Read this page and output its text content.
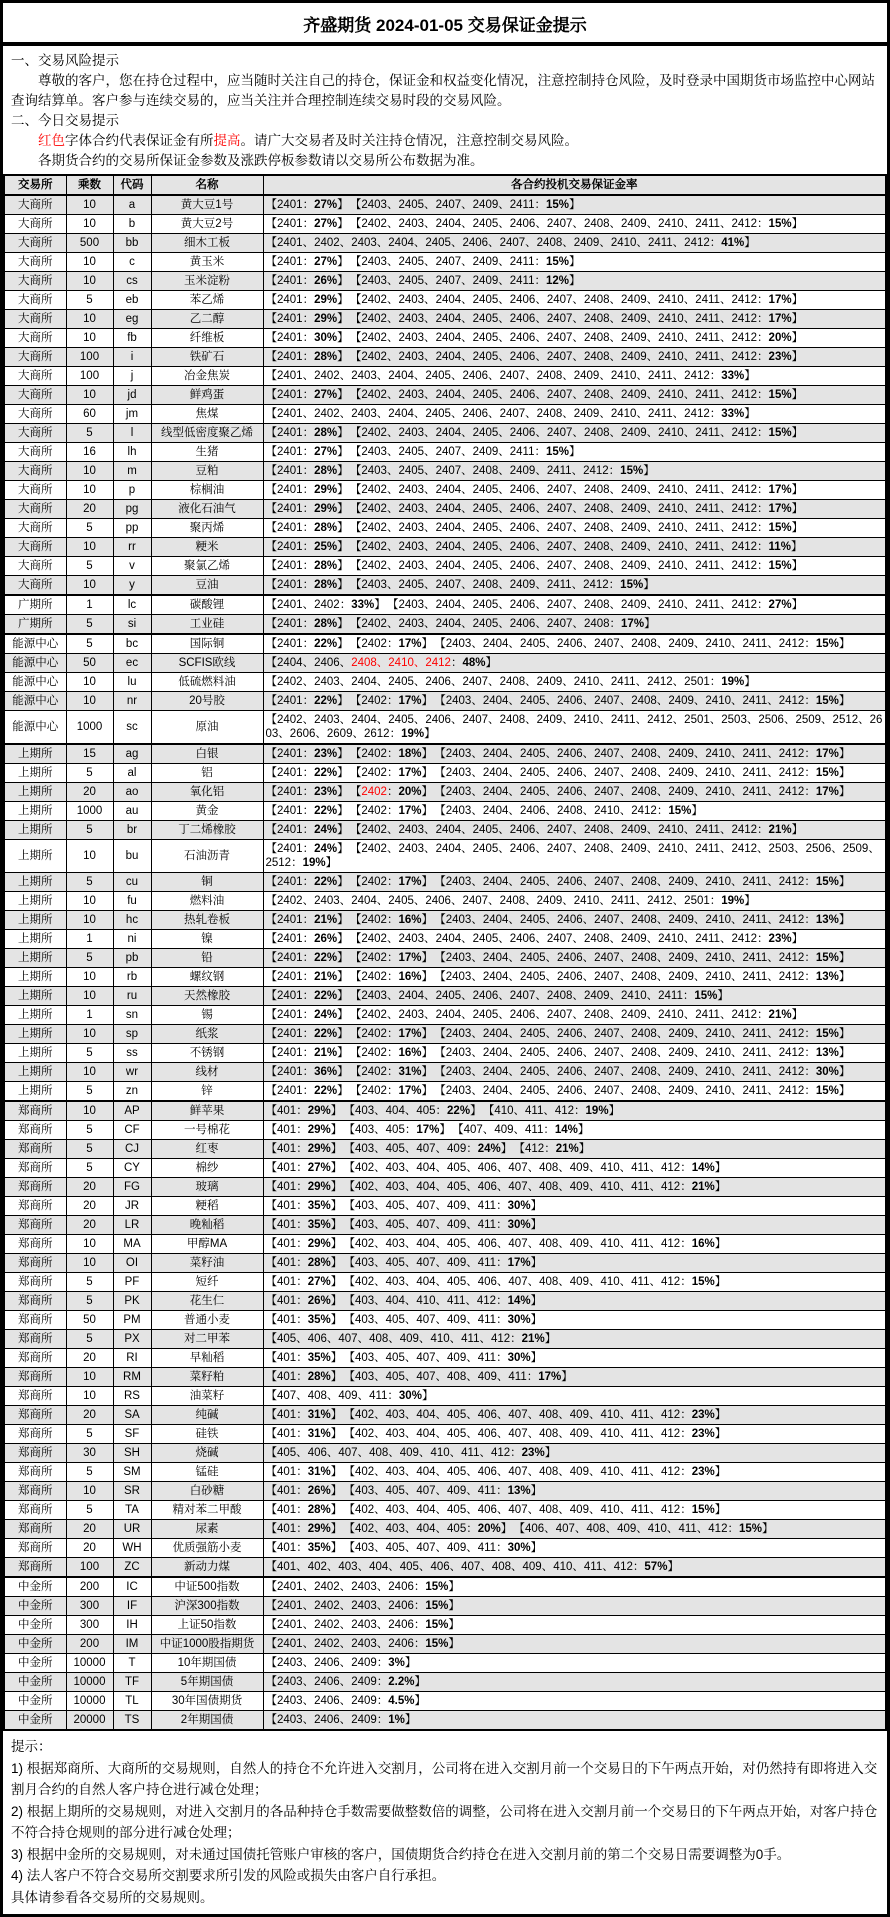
齐盛期货 2024-01-05 交易保证金提示

一、交易风险提示

尊敬的客户，您在持仓过程中，应当随时关注自己的持仓，保证金和权益变化情况，注意控制持仓风险，及时登录中国期货市场监控中心网站查询结算单。客户参与连续交易的，应当关注并合理控制连续交易时段的交易风险。

二、今日交易提示

红色字体合约代表保证金有所提高。请广大交易者及时关注持仓情况，注意控制交易风险。

各期货合约的交易所保证金参数及涨跌停板参数请以交易所公布数据为准。

交易所	乘数	代码	名称	各合约投机交易保证金率
大商所	10	a	黄大豆1号	【2401：27%】 【2403、2405、2407、2409、2411：15%】
大商所	10	b	黄大豆2号	【2401：27%】 【2402、2403、2404、2405、2406、2407、2408、2409、2410、2411、2412：15%】
大商所	500	bb	细木工板	【2401、2402、2403、2404、2405、2406、2407、2408、2409、2410、2411、2412：41%】
大商所	10	c	黄玉米	【2401：27%】 【2403、2405、2407、2409、2411：15%】
大商所	10	cs	玉米淀粉	【2401：26%】 【2403、2405、2407、2409、2411：12%】
大商所	5	eb	苯乙烯	【2401：29%】 【2402、2403、2404、2405、2406、2407、2408、2409、2410、2411、2412：17%】
大商所	10	eg	乙二醇	【2401：29%】 【2402、2403、2404、2405、2406、2407、2408、2409、2410、2411、2412：17%】
大商所	10	fb	纤维板	【2401：30%】 【2402、2403、2404、2405、2406、2407、2408、2409、2410、2411、2412：20%】
大商所	100	i	铁矿石	【2401：28%】 【2402、2403、2404、2405、2406、2407、2408、2409、2410、2411、2412：23%】
大商所	100	j	冶金焦炭	【2401、2402、2403、2404、2405、2406、2407、2408、2409、2410、2411、2412：33%】
大商所	10	jd	鲜鸡蛋	【2401：27%】 【2402、2403、2404、2405、2406、2407、2408、2409、2410、2411、2412：15%】
大商所	60	jm	焦煤	【2401、2402、2403、2404、2405、2406、2407、2408、2409、2410、2411、2412：33%】
大商所	5	l	线型低密度聚乙烯	【2401：28%】 【2402、2403、2404、2405、2406、2407、2408、2409、2410、2411、2412：15%】
大商所	16	lh	生猪	【2401：27%】 【2403、2405、2407、2409、2411：15%】
大商所	10	m	豆粕	【2401：28%】 【2403、2405、2407、2408、2409、2411、2412：15%】
大商所	10	p	棕榈油	【2401：29%】 【2402、2403、2404、2405、2406、2407、2408、2409、2410、2411、2412：17%】
大商所	20	pg	液化石油气	【2401：29%】 【2402、2403、2404、2405、2406、2407、2408、2409、2410、2411、2412：17%】
大商所	5	pp	聚丙烯	【2401：28%】 【2402、2403、2404、2405、2406、2407、2408、2409、2410、2411、2412：15%】
大商所	10	rr	粳米	【2401：25%】 【2402、2403、2404、2405、2406、2407、2408、2409、2410、2411、2412：11%】
大商所	5	v	聚氯乙烯	【2401：28%】 【2402、2403、2404、2405、2406、2407、2408、2409、2410、2411、2412：15%】
大商所	10	y	豆油	【2401：28%】 【2403、2405、2407、2408、2409、2411、2412：15%】
广期所	1	lc	碳酸锂	【2401、2402：33%】 【2403、2404、2405、2406、2407、2408、2409、2410、2411、2412：27%】
广期所	5	si	工业硅	【2401：28%】 【2402、2403、2404、2405、2406、2407、2408：17%】
能源中心	5	bc	国际铜	【2401：22%】 【2402：17%】 【2403、2404、2405、2406、2407、2408、2409、2410、2411、2412：15%】
能源中心	50	ec	SCFIS欧线	【2404、2406、2408、2410、2412：48%】
能源中心	10	lu	低硫燃料油	【2402、2403、2404、2405、2406、2407、2408、2409、2410、2411、2412、2501：19%】
能源中心	10	nr	20号胶	【2401：22%】 【2402：17%】 【2403、2404、2405、2406、2407、2408、2409、2410、2411、2412：15%】
能源中心	1000	sc	原油	【2402、2403、2404、2405、2406、2407、2408、2409、2410、2411、2412、2501、2503、2506、2509、2512、2603、2606、2609、2612：19%】
上期所	15	ag	白银	【2401：23%】 【2402：18%】 【2403、2404、2405、2406、2407、2408、2409、2410、2411、2412：17%】
上期所	5	al	铝	【2401：22%】 【2402：17%】 【2403、2404、2405、2406、2407、2408、2409、2410、2411、2412：15%】
上期所	20	ao	氧化铝	【2401：23%】 【2402：20%】 【2403、2404、2405、2406、2407、2408、2409、2410、2411、2412：17%】
上期所	1000	au	黄金	【2401：22%】 【2402：17%】 【2403、2404、2406、2408、2410、2412：15%】
上期所	5	br	丁二烯橡胶	【2401：24%】 【2402、2403、2404、2405、2406、2407、2408、2409、2410、2411、2412：21%】
上期所	10	bu	石油沥青	【2401：24%】 【2402、2403、2404、2405、2406、2407、2408、2409、2410、2411、2412、2503、2506、2509、2512：19%】
上期所	5	cu	铜	【2401：22%】 【2402：17%】 【2403、2404、2405、2406、2407、2408、2409、2410、2411、2412：15%】
上期所	10	fu	燃料油	【2402、2403、2404、2405、2406、2407、2408、2409、2410、2411、2412、2501：19%】
上期所	10	hc	热轧卷板	【2401：21%】 【2402：16%】 【2403、2404、2405、2406、2407、2408、2409、2410、2411、2412：13%】
上期所	1	ni	镍	【2401：26%】 【2402、2403、2404、2405、2406、2407、2408、2409、2410、2411、2412：23%】
上期所	5	pb	铅	【2401：22%】 【2402：17%】 【2403、2404、2405、2406、2407、2408、2409、2410、2411、2412：15%】
上期所	10	rb	螺纹钢	【2401：21%】 【2402：16%】 【2403、2404、2405、2406、2407、2408、2409、2410、2411、2412：13%】
上期所	10	ru	天然橡胶	【2401：22%】 【2403、2404、2405、2406、2407、2408、2409、2410、2411：15%】
上期所	1	sn	锡	【2401：24%】 【2402、2403、2404、2405、2406、2407、2408、2409、2410、2411、2412：21%】
上期所	10	sp	纸浆	【2401：22%】 【2402：17%】 【2403、2404、2405、2406、2407、2408、2409、2410、2411、2412：15%】
上期所	5	ss	不锈钢	【2401：21%】 【2402：16%】 【2403、2404、2405、2406、2407、2408、2409、2410、2411、2412：13%】
上期所	10	wr	线材	【2401：36%】 【2402：31%】 【2403、2404、2405、2406、2407、2408、2409、2410、2411、2412：30%】
上期所	5	zn	锌	【2401：22%】 【2402：17%】 【2403、2404、2405、2406、2407、2408、2409、2410、2411、2412：15%】
郑商所	10	AP	鲜苹果	【401：29%】 【403、404、405：22%】 【410、411、412：19%】
郑商所	5	CF	一号棉花	【401：29%】 【403、405：17%】 【407、409、411：14%】
郑商所	5	CJ	红枣	【401：29%】 【403、405、407、409：24%】 【412：21%】
郑商所	5	CY	棉纱	【401：27%】 【402、403、404、405、406、407、408、409、410、411、412：14%】
郑商所	20	FG	玻璃	【401：29%】 【402、403、404、405、406、407、408、409、410、411、412：21%】
郑商所	20	JR	粳稻	【401：35%】 【403、405、407、409、411：30%】
郑商所	20	LR	晚籼稻	【401：35%】 【403、405、407、409、411：30%】
郑商所	10	MA	甲醇MA	【401：29%】 【402、403、404、405、406、407、408、409、410、411、412：16%】
郑商所	10	OI	菜籽油	【401：28%】 【403、405、407、409、411：17%】
郑商所	5	PF	短纤	【401：27%】 【402、403、404、405、406、407、408、409、410、411、412：15%】
郑商所	5	PK	花生仁	【401：26%】 【403、404、410、411、412：14%】
郑商所	50	PM	普通小麦	【401：35%】 【403、405、407、409、411：30%】
郑商所	5	PX	对二甲苯	【405、406、407、408、409、410、411、412：21%】
郑商所	20	RI	早籼稻	【401：35%】 【403、405、407、409、411：30%】
郑商所	10	RM	菜籽粕	【401：28%】 【403、405、407、408、409、411：17%】
郑商所	10	RS	油菜籽	【407、408、409、411：30%】
郑商所	20	SA	纯碱	【401：31%】 【402、403、404、405、406、407、408、409、410、411、412：23%】
郑商所	5	SF	硅铁	【401：31%】 【402、403、404、405、406、407、408、409、410、411、412：23%】
郑商所	30	SH	烧碱	【405、406、407、408、409、410、411、412：23%】
郑商所	5	SM	锰硅	【401：31%】 【402、403、404、405、406、407、408、409、410、411、412：23%】
郑商所	10	SR	白砂糖	【401：26%】 【403、405、407、409、411：13%】
郑商所	5	TA	精对苯二甲酸	【401：28%】 【402、403、404、405、406、407、408、409、410、411、412：15%】
郑商所	20	UR	尿素	【401：29%】 【402、403、404、405：20%】 【406、407、408、409、410、411、412：15%】
郑商所	20	WH	优质强筋小麦	【401：35%】 【403、405、407、409、411：30%】
郑商所	100	ZC	新动力煤	【401、402、403、404、405、406、407、408、409、410、411、412：57%】
中金所	200	IC	中证500指数	【2401、2402、2403、2406：15%】
中金所	300	IF	沪深300指数	【2401、2402、2403、2406：15%】
中金所	300	IH	上证50指数	【2401、2402、2403、2406：15%】
中金所	200	IM	中证1000股指期货	【2401、2402、2403、2406：15%】
中金所	10000	T	10年期国债	【2403、2406、2409：3%】
中金所	10000	TF	5年期国债	【2403、2406、2409：2.2%】
中金所	10000	TL	30年国债期货	【2403、2406、2409：4.5%】
中金所	20000	TS	2年期国债	【2403、2406、2409：1%】

提示：

1) 根据郑商所、大商所的交易规则，自然人的持仓不允许进入交割月，公司将在进入交割月前一个交易日的下午两点开始，对仍然持有即将进入交割月合约的自然人客户持仓进行减仓处理；

2) 根据上期所的交易规则，对进入交割月的各品种持仓手数需要做整数倍的调整，公司将在进入交割月前一个交易日的下午两点开始，对客户持仓不符合持仓规则的部分进行减仓处理；

3) 根据中金所的交易规则，对未通过国债托管账户审核的客户，国债期货合约持仓在进入交割月前的第二个交易日需要调整为0手。

4) 法人客户不符合交易所交割要求所引发的风险或损失由客户自行承担。

具体请参看各交易所的交易规则。
